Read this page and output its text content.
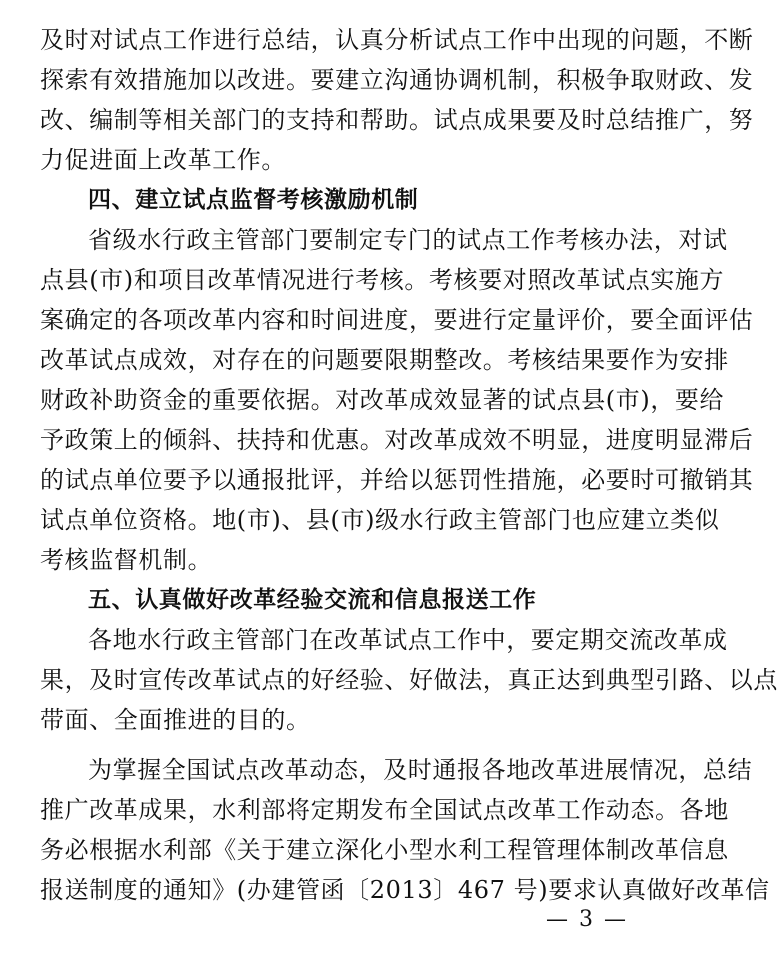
及时对试点工作进行总结，认真分析试点工作中出现的问题，不断
探索有效措施加以改进。要建立沟通协调机制，积极争取财政、发
改、编制等相关部门的支持和帮助。试点成果要及时总结推广，努
力促进面上改革工作。
四、建立试点监督考核激励机制
省级水行政主管部门要制定专门的试点工作考核办法，对试
点县(市)和项目改革情况进行考核。考核要对照改革试点实施方
案确定的各项改革内容和时间进度，要进行定量评价，要全面评估
改革试点成效，对存在的问题要限期整改。考核结果要作为安排
财政补助资金的重要依据。对改革成效显著的试点县(市)，要给
予政策上的倾斜、扶持和优惠。对改革成效不明显，进度明显滞后
的试点单位要予以通报批评，并给以惩罚性措施，必要时可撤销其
试点单位资格。地(市)、县(市)级水行政主管部门也应建立类似
考核监督机制。
五、认真做好改革经验交流和信息报送工作
各地水行政主管部门在改革试点工作中，要定期交流改革成
果，及时宣传改革试点的好经验、好做法，真正达到典型引路、以点
带面、全面推进的目的。
为掌握全国试点改革动态，及时通报各地改革进展情况，总结
推广改革成果，水利部将定期发布全国试点改革工作动态。各地
务必根据水利部《关于建立深化小型水利工程管理体制改革信息
报送制度的通知》(办建管函〔2013〕467 号)要求认真做好改革信
— 3 —
